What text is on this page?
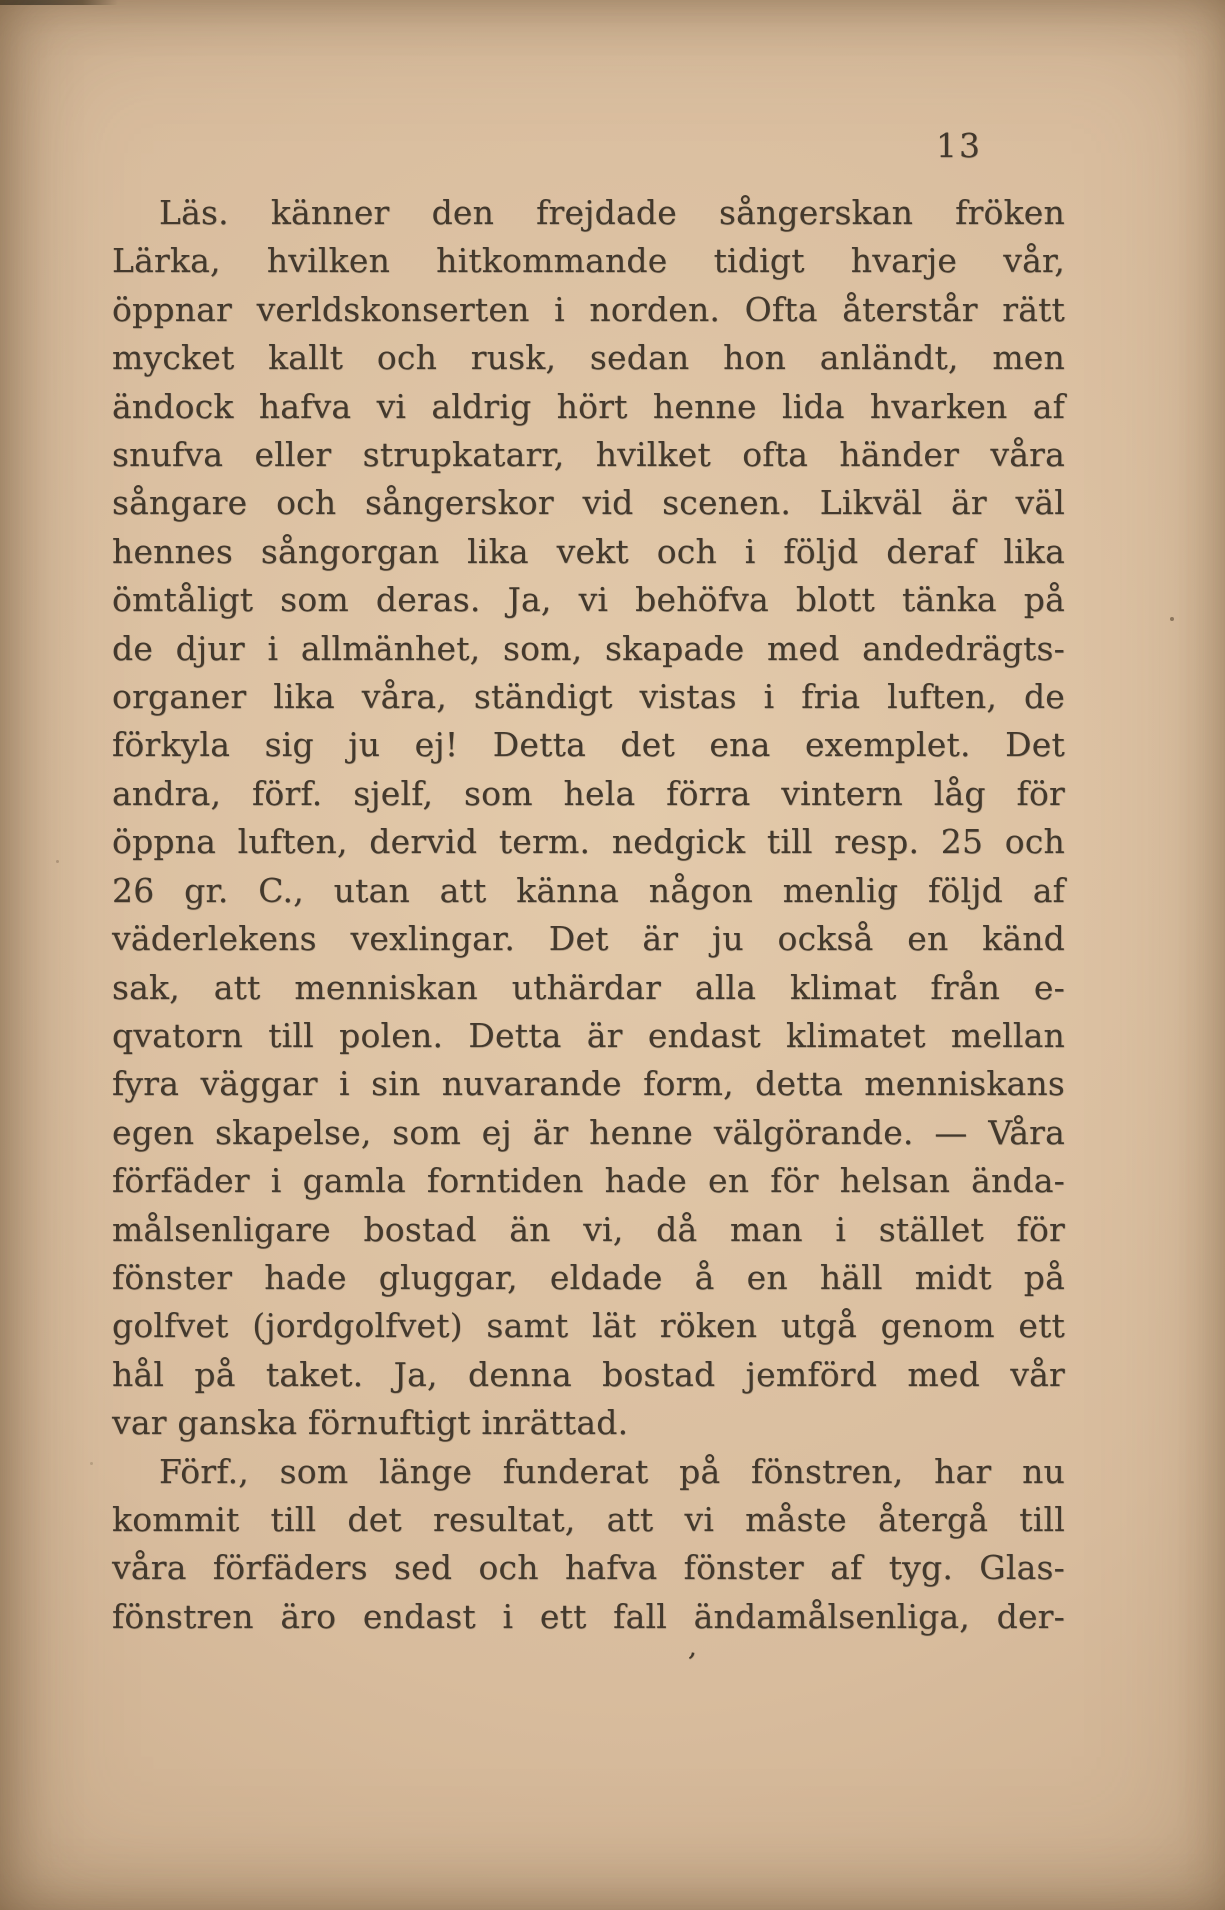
13
Läs. känner den frejdade sångerskan fröken
Lärka, hvilken hitkommande tidigt hvarje vår,
öppnar verldskonserten i norden. Ofta återstår rätt
mycket kallt och rusk, sedan hon anländt, men
ändock hafva vi aldrig hört henne lida hvarken af
snufva eller strupkatarr, hvilket ofta händer våra
sångare och sångerskor vid scenen. Likväl är väl
hennes sångorgan lika vekt och i följd deraf lika
ömtåligt som deras. Ja, vi behöfva blott tänka på
de djur i allmänhet, som, skapade med andedrägts-
organer lika våra, ständigt vistas i fria luften, de
förkyla sig ju ej! Detta det ena exemplet. Det
andra, förf. sjelf, som hela förra vintern låg för
öppna luften, dervid term. nedgick till resp. 25 och
26 gr. C., utan att känna någon menlig följd af
väderlekens vexlingar. Det är ju också en känd
sak, att menniskan uthärdar alla klimat från e-
qvatorn till polen. Detta är endast klimatet mellan
fyra väggar i sin nuvarande form, detta menniskans
egen skapelse, som ej är henne välgörande. — Våra
förfäder i gamla forntiden hade en för helsan ända-
målsenligare bostad än vi, då man i stället för
fönster hade gluggar, eldade å en häll midt på
golfvet (jordgolfvet) samt lät röken utgå genom ett
hål på taket. Ja, denna bostad jemförd med vår
var ganska förnuftigt inrättad.
Förf., som länge funderat på fönstren, har nu
kommit till det resultat, att vi måste återgå till
våra förfäders sed och hafva fönster af tyg. Glas-
fönstren äro endast i ett fall ändamålsenliga, der-
’
